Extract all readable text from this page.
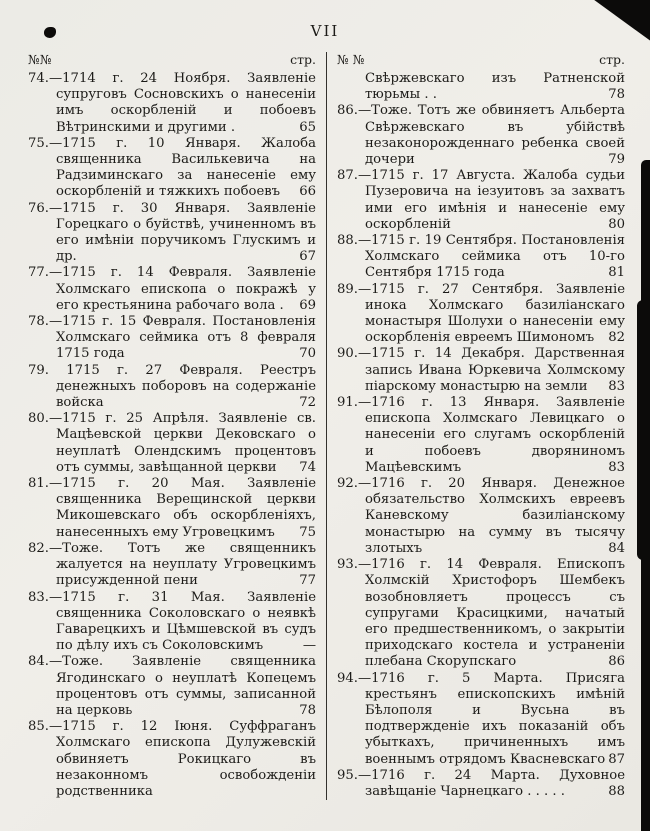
VII
№№	стр.

74.—1714 г. 24 Ноября. Заявленіе супруговъ Сосновскихъ о нанесеніи имъ оскорбленій и побоевъ Вѣтринскими и другими .	65

75.—1715 г. 10 Января. Жалоба священника Василькевича на Радзиминскаго за нанесеніе ему оскорбленій и тяжкихъ побоевъ 66

76.—1715 г. 30 Января. Заявленіе Горецкаго о буйствѣ, учиненномъ въ его имѣніи поручикомъ Глускимъ и др.	67

77.—1715 г. 14 Февраля. Заявленіе Холмскаго епископа о покражѣ у его крестьянина рабочаго вола . 69

78.—1715 г. 15 Февраля. Постановленія Холмскаго сеймика отъ 8 февраля 1715 года	70

79. 1715 г. 27 Февраля. Реестръ денежныхъ поборовъ на содержаніе войска	72

80.—1715 г. 25 Апрѣля. Заявленіе св. Мацѣевской церкви Дековскаго о неуплатѣ Олендскимъ процентовъ отъ суммы, завѣщанной церкви 74

81.—1715 г. 20 Мая. Заявленіе священника Верещинской церкви Микошевскаго объ оскорбленіяхъ, нанесенныхъ ему Угровецкимъ 75

82.—Тоже. Тотъ же священникъ жалуется на неуплату Угровецкимъ присужденной пени	77

83.—1715 г. 31 Мая. Заявленіе священника Соколовскаго о неявкѣ Гаварецкихъ и Цѣмшевской въ судъ по дѣлу ихъ съ Соколовскимъ	—

84.—Тоже. Заявленіе священника Ягодинскаго о неуплатѣ Копецемъ процентовъ отъ суммы, записанной на церковь	78

85.—1715 г. 12 Іюня. Суффраганъ Холмскаго епископа Дулужевскій обвиняетъ Рокицкаго въ незаконномъ освобожденіи родственника

№ №	стр.

Свѣржевскаго изъ Ратненской тюрьмы . .	78

86.—Тоже. Тотъ же обвиняетъ Альберта Свѣржевскаго въ убійствѣ незаконорожденнаго ребенка своей дочери	79

87.—1715 г. 17 Августа. Жалоба судьи Пузеровича на іезуитовъ за захватъ ими его имѣнія и нанесеніе ему оскорбленій	80

88.—1715 г. 19 Сентября. Постановленія Холмскаго сеймика отъ 10-го Сентября 1715 года	81

89.—1715 г. 27 Сентября. Заявленіе инока Холмскаго базиліанскаго монастыря Шолухи о нанесеніи ему оскорбленія евреемъ Шимономъ 82

90.—1715 г. 14 Декабря. Дарственная запись Ивана Юркевича Холмскому піарскому монастырю на земли 83

91.—1716 г. 13 Января. Заявленіе епископа Холмскаго Левицкаго о нанесеніи его слугамъ оскорбленій и побоевъ дворяниномъ Мацѣевскимъ	83

92.—1716 г. 20 Января. Денежное обязательство Холмскихъ евреевъ Каневскому базиліанскому монастырю на сумму въ тысячу злотыхъ	84

93.—1716 г. 14 Февраля. Епископъ Холмскій Христофоръ Шембекъ возобновляетъ процессъ съ супругами Красицкими, начатый его предшественникомъ, о закрытіи приходскаго костела и устраненіи плебана Скорупскаго	86

94.—1716 г. 5 Марта. Присяга крестьянъ епископскихъ имѣній Бѣлополя и Вусьна въ подтвержденіе ихъ показаній объ убыткахъ, причиненныхъ имъ военнымъ отрядомъ Квасневскаго 87

95.—1716 г. 24 Марта. Духовное завѣщаніе Чарнецкаго . . . . .	88
